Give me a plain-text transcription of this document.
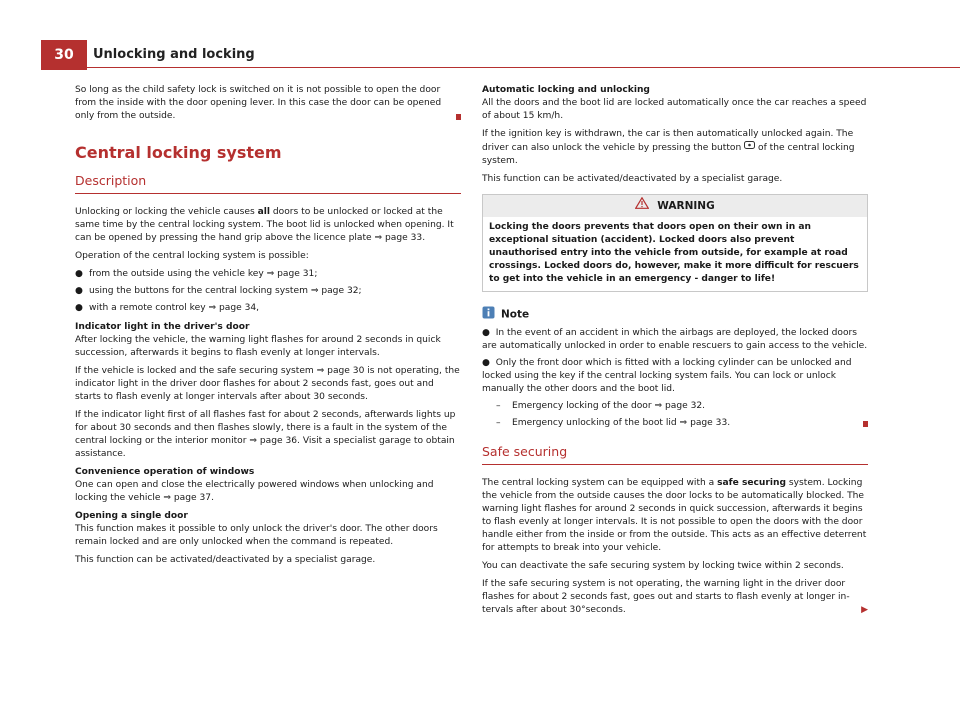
30	Unlocking and locking

So long as the child safety lock is switched on it is not possible to open the door from the inside with the door opening lever. In this case the door can be opened only from the outside.

Central locking system
Description

Unlocking or locking the vehicle causes all doors to be unlocked or locked at the same time by the central locking system. The boot lid is unlocked when opening. It can be opened by pressing the hand grip above the licence plate ⇒ page 33.

Operation of the central locking system is possible:

● from the outside using the vehicle key ⇒ page 31;
● using the buttons for the central locking system ⇒ page 32;
● with a remote control key ⇒ page 34,

Indicator light in the driver's door

After locking the vehicle, the warning light flashes for around 2 seconds in quick succession, afterwards it begins to flash evenly at longer intervals.

If the vehicle is locked and the safe securing system ⇒ page 30 is not operating, the indicator light in the driver door flashes for about 2 seconds fast, goes out and starts to flash evenly at longer intervals after about 30 seconds.

If the indicator light first of all flashes fast for about 2 seconds, afterwards lights up for about 30 seconds and then flashes slowly, there is a fault in the system of the central locking or the interior monitor ⇒ page 36. Visit a specialist garage to obtain assistance.

Convenience operation of windows

One can open and close the electrically powered windows when unlocking and locking the vehicle ⇒ page 37.

Opening a single door

This function makes it possible to only unlock the driver's door. The other doors remain locked and are only unlocked when the command is repeated.

This function can be activated/deactivated by a specialist garage.

Automatic locking and unlocking

All the doors and the boot lid are locked automatically once the car reaches a speed of about 15 km/h.

If the ignition key is withdrawn, the car is then automatically unlocked again. The driver can also unlock the vehicle by pressing the button  of the central locking system.

This function can be activated/deactivated by a specialist garage.

WARNING
Locking the doors prevents that doors open on their own in an exceptional situation (accident). Locked doors also prevent unauthorised entry into the vehicle from outside, for example at road crossings. Locked doors do, however, make it more difficult for rescuers to get into the vehicle in an emergency - danger to life!
Note
●  In the event of an accident in which the airbags are deployed, the locked doors are automatically unlocked in order to enable rescuers to gain access to the vehicle.
●  Only the front door which is fitted with a locking cylinder can be unlocked and locked using the key if the central locking system fails. You can lock or unlock manually the other doors and the boot lid.
– Emergency locking of the door ⇒ page 32.
– Emergency unlocking of the boot lid ⇒ page 33.
Safe securing

The central locking system can be equipped with a safe securing system. Locking the vehicle from the outside causes the door locks to be automatically blocked. The warning light flashes for around 2 seconds in quick succession, afterwards it begins to flash evenly at longer intervals. It is not possible to open the doors with the door handle either from the inside or from the outside. This acts as an effective deterrent for attempts to break into your vehicle.

You can deactivate the safe securing system by locking twice within 2 seconds.

If the safe securing system is not operating, the warning light in the driver door flashes for about 2 seconds fast, goes out and starts to flash evenly at longer intervals after about 30°seconds.	▶
